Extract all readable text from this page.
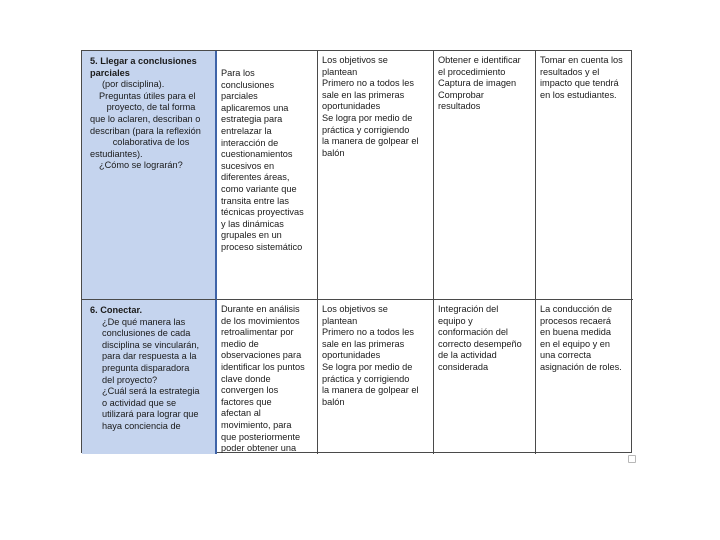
5. Llegar a conclusiones parciales
(por disciplina).
Preguntas útiles para el
proyecto, de tal forma
que lo aclaren, describan o
describan (para la reflexión
colaborativa de los
estudiantes).
¿Cómo se lograrán?
Para los
conclusiones
parciales
aplicaremos una
estrategia para
entrelazar la
interacción de
cuestionamientos
sucesivos en
diferentes áreas,
como variante que
transita entre las
técnicas proyectivas
y las dinámicas
grupales en un
proceso sistemático
Los objetivos se
plantean
Primero no a todos les
sale en las primeras
oportunidades
Se logra por medio de
práctica y corrigiendo
la manera de golpear el
balón
Obtener e identificar
el procedimiento
Captura de imagen
Comprobar
resultados
Tomar en cuenta los
resultados y el
impacto que tendrá
en los estudiantes.
6. Conectar.
¿De qué manera las
conclusiones de cada
disciplina se vincularán,
para dar respuesta a la
pregunta disparadora
del proyecto?
¿Cuál será la estrategia
o actividad que se
utilizará para lograr que
haya conciencia de
Durante en análisis
de los movimientos
retroalimentar por
medio de
observaciones para
identificar los puntos
clave donde
convergen los
factores que
afectan al
movimiento, para
que posteriormente
poder obtener una
Los objetivos se
plantean
Primero no a todos les
sale en las primeras
oportunidades
Se logra por medio de
práctica y corrigiendo
la manera de golpear el
balón
Integración del
equipo y
conformación del
correcto desempeño
de la actividad
considerada
La conducción de
procesos recaerá
en buena medida
en el equipo y en
una correcta
asignación de roles.
